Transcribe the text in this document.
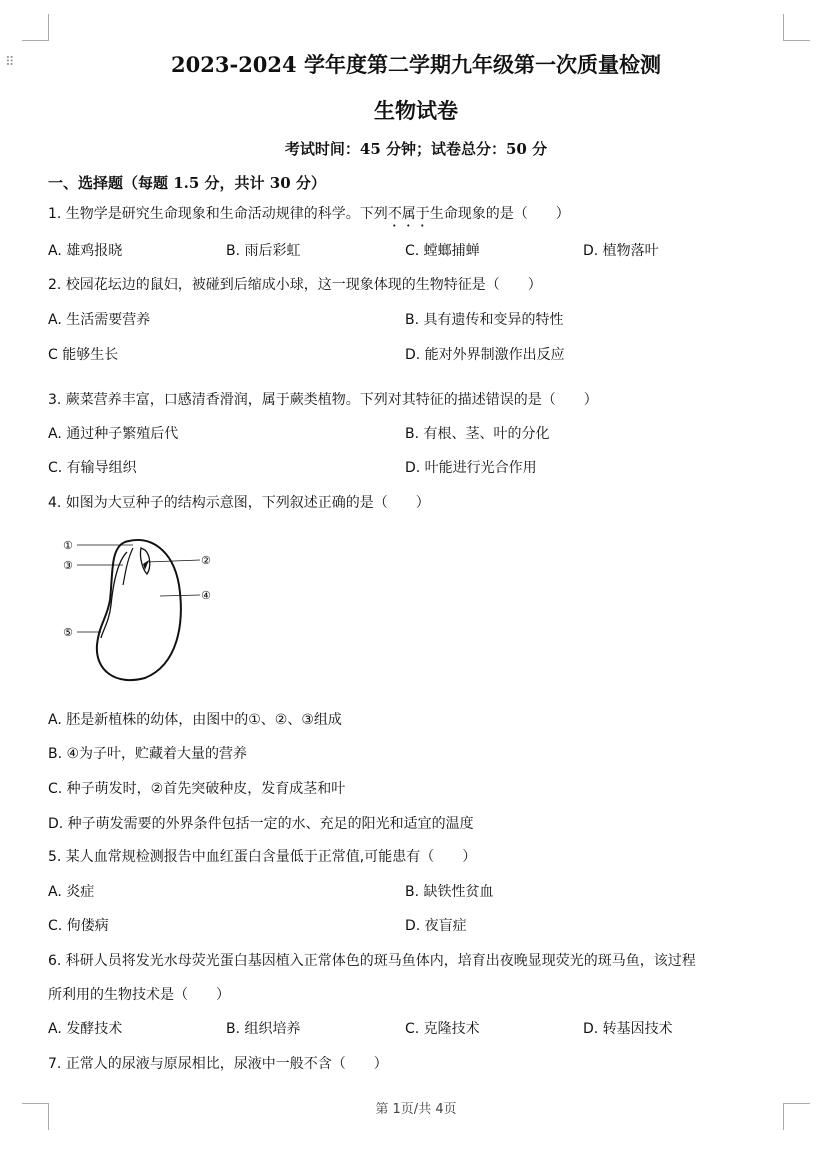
⠿	2023-2024 学年度第二学期九年级第一次质量检测
生物试卷
考试时间：45 分钟；试卷总分：50 分
一、选择题（每题 1.5 分，共计 30 分）
1. 生物学是研究生命现象和生命活动规律的科学。下列不属于生命现象的是（　　）
A. 雄鸡报晓	B. 雨后彩虹	C. 螳螂捕蝉	D. 植物落叶
2. 校园花坛边的鼠妇，被碰到后缩成小球，这一现象体现的生物特征是（　　）
A. 生活需要营养	B. 具有遗传和变异的特性
C 能够生长	D. 能对外界制激作出反应
3. 蕨菜营养丰富，口感清香滑润，属于蕨类植物。下列对其特征的描述错误的是（　　）
A. 通过种子繁殖后代	B. 有根、茎、叶的分化
C. 有输导组织	D. 叶能进行光合作用
4. 如图为大豆种子的结构示意图，下列叙述正确的是（　　）
①
②
③
④
⑤
A. 胚是新植株的幼体，由图中的①、②、③组成
B. ④为子叶，贮藏着大量的营养
C. 种子萌发时，②首先突破种皮，发育成茎和叶
D. 种子萌发需要的外界条件包括一定的水、充足的阳光和适宜的温度
5. 某人血常规检测报告中血红蛋白含量低于正常值,可能患有（　　）
A. 炎症	B. 缺铁性贫血
C. 佝偻病	D. 夜盲症
6. 科研人员将发光水母荧光蛋白基因植入正常体色的斑马鱼体内，培育出夜晚显现荧光的斑马鱼，该过程
所利用的生物技术是（　　）
A. 发酵技术	B. 组织培养	C. 克隆技术	D. 转基因技术
7. 正常人的尿液与原尿相比，尿液中一般不含（　　）
第 1页/共 4页
